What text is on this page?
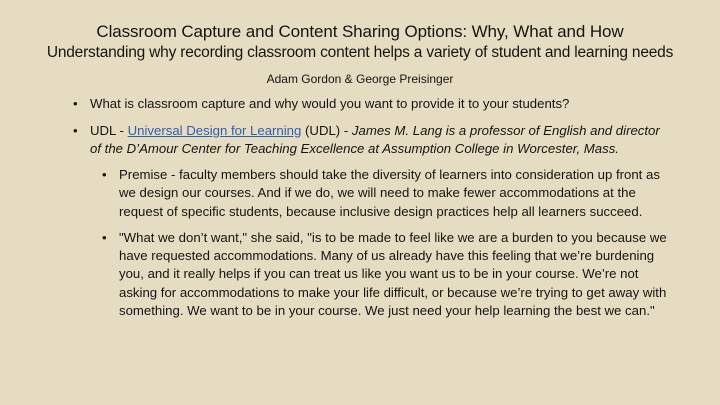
Classroom Capture and Content Sharing Options: Why, What and How
Understanding why recording classroom content helps a variety of student and learning needs

Adam Gordon & George Preisinger

• What is classroom capture and why would you want to provide it to your students?
• UDL - Universal Design for Learning (UDL) - James M. Lang is a professor of English and director of the D’Amour Center for Teaching Excellence at Assumption College in Worcester, Mass.
• Premise - faculty members should take the diversity of learners into consideration up front as we design our courses. And if we do, we will need to make fewer accommodations at the request of specific students, because inclusive design practices help all learners succeed.
• "What we don’t want," she said, "is to be made to feel like we are a burden to you because we have requested accommodations. Many of us already have this feeling that we’re burdening you, and it really helps if you can treat us like you want us to be in your course. We’re not asking for accommodations to make your life difficult, or because we’re trying to get away with something. We want to be in your course. We just need your help learning the best we can."
